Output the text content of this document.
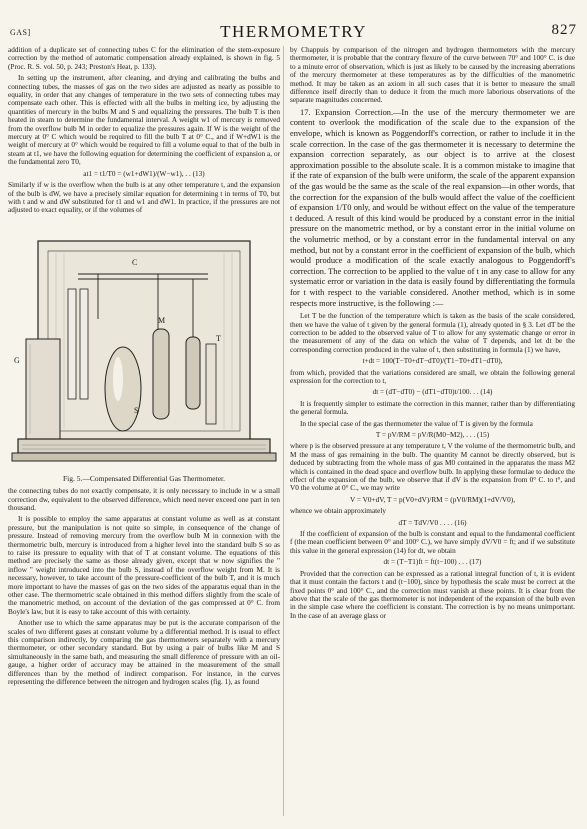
GAS]	THERMOMETRY	827

addition of a duplicate set of connecting tubes C for the elimination of the stem-exposure correction by the method of automatic compensation already explained, is shown in fig. 5 (Proc. R. S. vol. 50, p. 243; Preston's Heat, p. 133).

In setting up the instrument, after cleaning, and drying and calibrating the bulbs and connecting tubes, the masses of gas on the two sides are adjusted as nearly as possible to equality, in order that any changes of temperature in the two sets of connecting tubes may compensate each other. This is effected with all the bulbs in melting ice, by adjusting the quantities of mercury in the bulbs M and S and equalizing the pressures. The bulb T is then heated in steam to determine the fundamental interval. A weight w1 of mercury is removed from the overflow bulb M in order to equalize the pressures again. If W is the weight of the mercury at 0° C which would be required to fill the bulb T at 0° C., and if W+dW1 is the weight of mercury at 0° which would be required to fill a volume equal to that of the bulb in steam at t1, we have the following equation for determining the coefficient of expansion a, or the fundamental zero T0,

at1 = t1/T0 = (w1+dW1)/(W−w1), . . (13)

Similarly if w is the overflow when the bulb is at any other temperature t, and the expansion of the bulb is dW, we have a precisely similar equation for determining t in terms of T0, but with t and w and dW substituted for t1 and w1 and dW1. In practice, if the pressures are not adjusted to exact equality, or if the volumes of

C
G
S
M
T

Fig. 5.—Compensated Differential Gas Thermometer.

the connecting tubes do not exactly compensate, it is only necessary to include in w a small correction dw, equivalent to the observed difference, which need never exceed one part in ten thousand.

It is possible to employ the same apparatus at constant volume as well as at constant pressure, but the manipulation is not quite so simple, in consequence of the change of pressure. Instead of removing mercury from the overflow bulb M in connexion with the thermometric bulb, mercury is introduced from a higher level into the standard bulb S so as to raise its pressure to equality with that of T at constant volume. The equations of this method are precisely the same as those already given, except that w now signifies the " inflow " weight introduced into the bulb S, instead of the overflow weight from M. It is necessary, however, to take account of the pressure-coefficient of the bulb T, and it is much more important to have the masses of gas on the two sides of the apparatus equal than in the other case. The thermometric scale obtained in this method differs slightly from the scale of the manometric method, on account of the deviation of the gas compressed at 0° C. from Boyle's law, but it is easy to take account of this with certainty.

Another use to which the same apparatus may be put is the accurate comparison of the scales of two different gases at constant volume by a differential method. It is usual to effect this comparison indirectly, by comparing the gas thermometers separately with a mercury thermometer, or other secondary standard. But by using a pair of bulbs like M and S simultaneously in the same bath, and measuring the small difference of pressure with an oil-gauge, a higher order of accuracy may be attained in the measurement of the small differences than by the method of indirect comparison. For instance, in the curves representing the difference between the nitrogen and hydrogen scales (fig. 1), as found

by Chappuis by comparison of the nitrogen and hydrogen thermometers with the mercury thermometer, it is probable that the contrary flexure of the curve between 70° and 100° C. is due to a minute error of observation, which is just as likely to be caused by the increasing aberrations of the mercury thermometer at these temperatures as by the difficulties of the manometric method. It may be taken as an axiom in all such cases that it is better to measure the small difference itself directly than to deduce it from the much more laborious observations of the separate magnitudes concerned.

17. Expansion Correction.—In the use of the mercury thermometer we are content to overlook the modification of the scale due to the expansion of the envelope, which is known as Poggendorff's correction, or rather to include it in the scale correction. In the case of the gas thermometer it is necessary to determine the expansion correction separately, as our object is to arrive at the closest approximation possible to the absolute scale. It is a common mistake to imagine that if the rate of expansion of the bulb were uniform, the scale of the apparent expansion of the gas would be the same as the scale of the real expansion—in other words, that the correction for the expansion of the bulb would affect the value of the coefficient of expansion 1/T0 only, and would be without effect on the value of the temperature t deduced. A result of this kind would be produced by a constant error in the initial pressure on the manometric method, or by a constant error in the initial volume on the volumetric method, or by a constant error in the fundamental interval on any method, but not by a constant error in the coefficient of expansion of the bulb, which would produce a modification of the scale exactly analogous to Poggendorff's correction. The correction to be applied to the value of t in any case to allow for any systematic error or variation in the data is easily found by differentiating the formula for t with respect to the variable considered. Another method, which is in some respects more instructive, is the following :—

Let T be the function of the temperature which is taken as the basis of the scale considered, then we have the value of t given by the general formula (1), already quoted in § 3. Let dT be the correction to be added to the observed value of T to allow for any systematic change or error in the measurement of any of the data on which the value of T depends, and let dt be the corresponding correction produced in the value of t, then substituting in formula (1) we have,

t+dt = 100(T−T0+dT−dT0)/(T1−T0+dT1−dT0),

from which, provided that the variations considered are small, we obtain the following general expression for the correction to t,

dt = (dT−dT0) − (dT1−dT0)t/100. . . (14)

It is frequently simpler to estimate the correction in this manner, rather than by differentiating the general formula.

In the special case of the gas thermometer the value of T is given by the formula

T = pV/RM = pV/R(M0−M2), . . . (15)

where p is the observed pressure at any temperature t, V the volume of the thermometric bulb, and M the mass of gas remaining in the bulb. The quantity M cannot be directly observed, but is deduced by subtracting from the whole mass of gas M0 contained in the apparatus the mass M2 which is contained in the dead space and overflow bulb. In applying these formulae to deduce the effect of the expansion of the bulb, we observe that if dV is the expansion from 0° C. to t°, and V0 the volume at 0° C., we may write

V = V0+dV, T = p(V0+dV)/RM = (pV0/RM)(1+dV/V0),

whence we obtain approximately

dT = TdV/V0 . . . . (16)

If the coefficient of expansion of the bulb is constant and equal to the fundamental coefficient f (the mean coefficient between 0° and 100° C.), we have simply dV/V0 = ft; and if we substitute this value in the general expression (14) for dt, we obtain

dt = (T−T1)ft = ft(t−100) . . . (17)

Provided that the correction can be expressed as a rational integral function of t, it is evident that it must contain the factors t and (t−100), since by hypothesis the scale must be correct at the fixed points 0° and 100° C., and the correction must vanish at these points. It is clear from the above that the scale of the gas thermometer is not independent of the expansion of the bulb even in the simple case where the coefficient is constant. The correction is by no means unimportant. In the case of an average glass or
